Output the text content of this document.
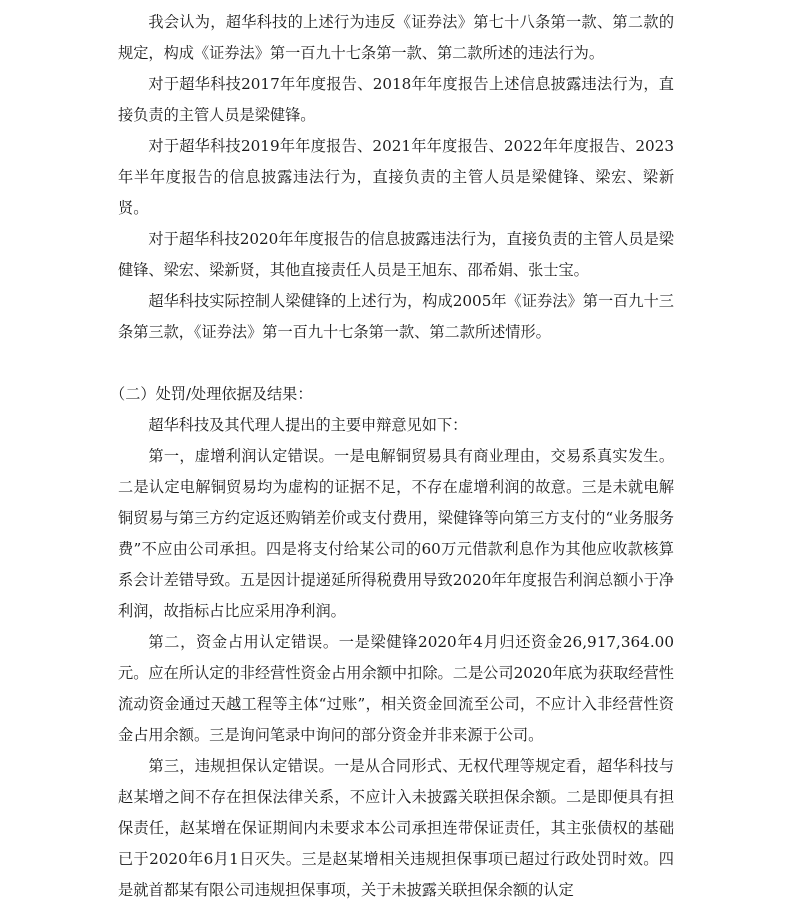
我会认为，超华科技的上述行为违反《证券法》第七十八条第一款、第二款的规定，构成《证券法》第一百九十七条第一款、第二款所述的违法行为。

对于超华科技2017年年度报告、2018年年度报告上述信息披露违法行为，直接负责的主管人员是梁健锋。

对于超华科技2019年年度报告、2021年年度报告、2022年年度报告、2023年半年度报告的信息披露违法行为，直接负责的主管人员是梁健锋、梁宏、梁新贤。

对于超华科技2020年年度报告的信息披露违法行为，直接负责的主管人员是梁健锋、梁宏、梁新贤，其他直接责任人员是王旭东、邵希娟、张士宝。

超华科技实际控制人梁健锋的上述行为，构成2005年《证券法》第一百九十三条第三款，《证券法》第一百九十七条第一款、第二款所述情形。

（二）处罚/处理依据及结果：

超华科技及其代理人提出的主要申辩意见如下：

第一，虚增利润认定错误。一是电解铜贸易具有商业理由，交易系真实发生。二是认定电解铜贸易均为虚构的证据不足，不存在虚增利润的故意。三是未就电解铜贸易与第三方约定返还购销差价或支付费用，梁健锋等向第三方支付的“业务服务费”不应由公司承担。四是将支付给某公司的60万元借款利息作为其他应收款核算系会计差错导致。五是因计提递延所得税费用导致2020年年度报告利润总额小于净利润，故指标占比应采用净利润。

第二，资金占用认定错误。一是梁健锋2020年4月归还资金26,917,364.00元。应在所认定的非经营性资金占用余额中扣除。二是公司2020年底为获取经营性流动资金通过天越工程等主体“过账”，相关资金回流至公司，不应计入非经营性资金占用余额。三是询问笔录中询问的部分资金并非来源于公司。

第三，违规担保认定错误。一是从合同形式、无权代理等规定看，超华科技与赵某增之间不存在担保法律关系，不应计入未披露关联担保余额。二是即便具有担保责任，赵某增在保证期间内未要求本公司承担连带保证责任，其主张债权的基础已于2020年6月1日灭失。三是赵某增相关违规担保事项已超过行政处罚时效。四是就首都某有限公司违规担保事项，关于未披露关联担保余额的认定
